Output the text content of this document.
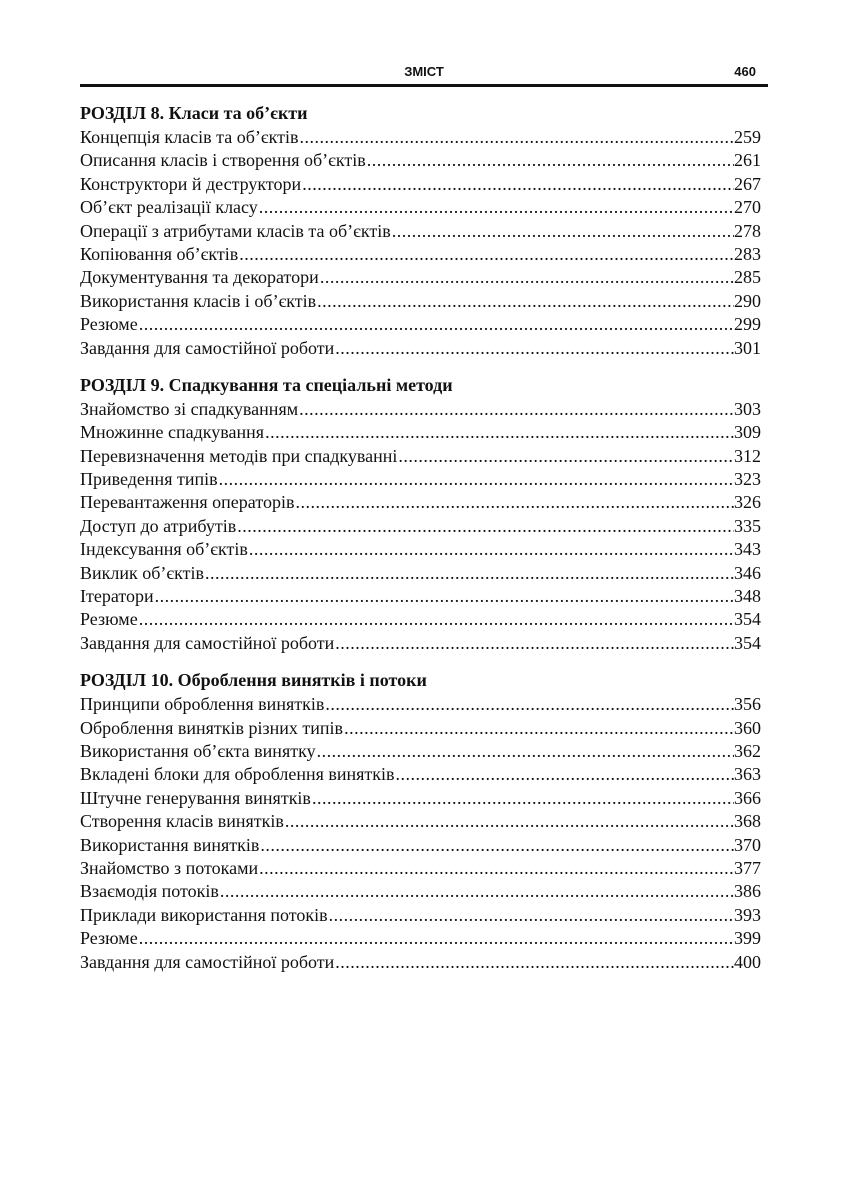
ЗМІСТ	460
РОЗДІЛ 8. Класи та об’єкти
Концепція класів та об’єктів .....	259
Описання класів і створення об’єктів .....	261
Конструктори й деструктори .....	267
Об’єкт реалізації класу .....	270
Операції з атрибутами класів та об’єктів .....	278
Копіювання об’єктів .....	283
Документування та декоратори .....	285
Використання класів і об’єктів .....	290
Резюме .....	299
Завдання для самостійної роботи .....	301
РОЗДІЛ 9. Спадкування та спеціальні методи
Знайомство зі спадкуванням .....	303
Множинне спадкування .....	309
Перевизначення методів при спадкуванні .....	312
Приведення типів .....	323
Перевантаження операторів .....	326
Доступ до атрибутів .....	335
Індексування об’єктів .....	343
Виклик об’єктів .....	346
Ітератори .....	348
Резюме .....	354
Завдання для самостійної роботи .....	354
РОЗДІЛ 10. Оброблення винятків і потоки
Принципи оброблення винятків .....	356
Оброблення винятків різних типів .....	360
Використання об’єкта винятку .....	362
Вкладені блоки для оброблення винятків .....	363
Штучне генерування винятків .....	366
Створення класів винятків .....	368
Використання винятків .....	370
Знайомство з потоками .....	377
Взаємодія потоків .....	386
Приклади використання потоків .....	393
Резюме .....	399
Завдання для самостійної роботи .....	400
